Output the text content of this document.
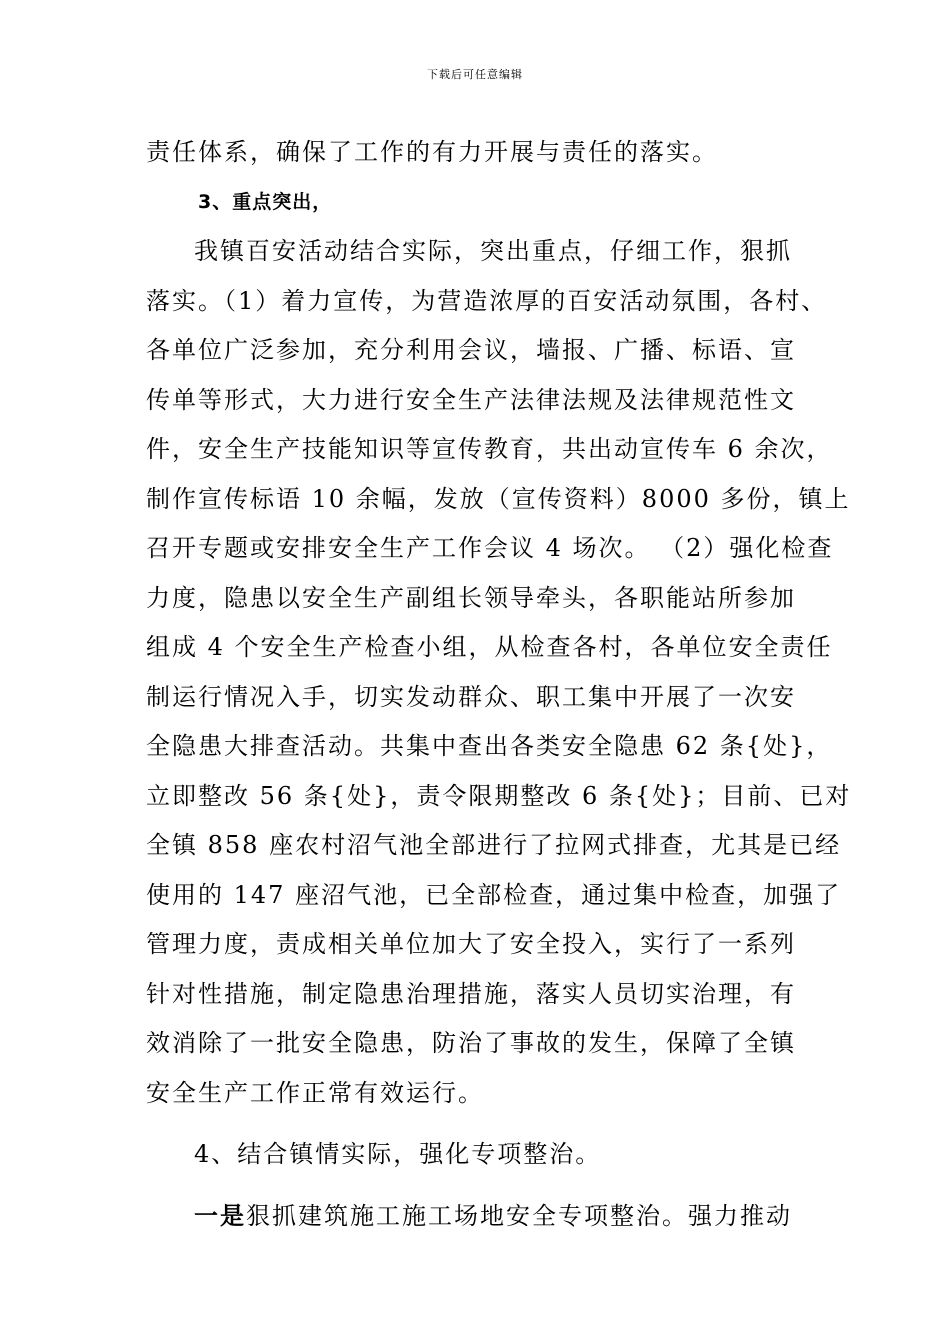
下载后可任意编辑
责任体系，确保了工作的有力开展与责任的落实。
3、重点突出，
我镇百安活动结合实际，突出重点，仔细工作，狠抓
落实。（1）着力宣传，为营造浓厚的百安活动氛围，各村、
各单位广泛参加，充分利用会议，墙报、广播、标语、宣
传单等形式，大力进行安全生产法律法规及法律规范性文
件，安全生产技能知识等宣传教育，共出动宣传车 6 余次，
制作宣传标语 10 余幅，发放（宣传资料）8000 多份，镇上
召开专题或安排安全生产工作会议 4 场次。 （2）强化检查
力度，隐患以安全生产副组长领导牵头，各职能站所参加
组成 4 个安全生产检查小组，从检查各村，各单位安全责任
制运行情况入手，切实发动群众、职工集中开展了一次安
全隐患大排查活动。共集中查出各类安全隐患 62 条{处}，
立即整改 56 条{处}，责令限期整改 6 条{处}；目前、已对
全镇 858 座农村沼气池全部进行了拉网式排查，尤其是已经
使用的 147 座沼气池，已全部检查，通过集中检查，加强了
管理力度，责成相关单位加大了安全投入，实行了一系列
针对性措施，制定隐患治理措施，落实人员切实治理，有
效消除了一批安全隐患，防治了事故的发生，保障了全镇
安全生产工作正常有效运行。
4、结合镇情实际，强化专项整治。
一是狠抓建筑施工施工场地安全专项整治。强力推动
